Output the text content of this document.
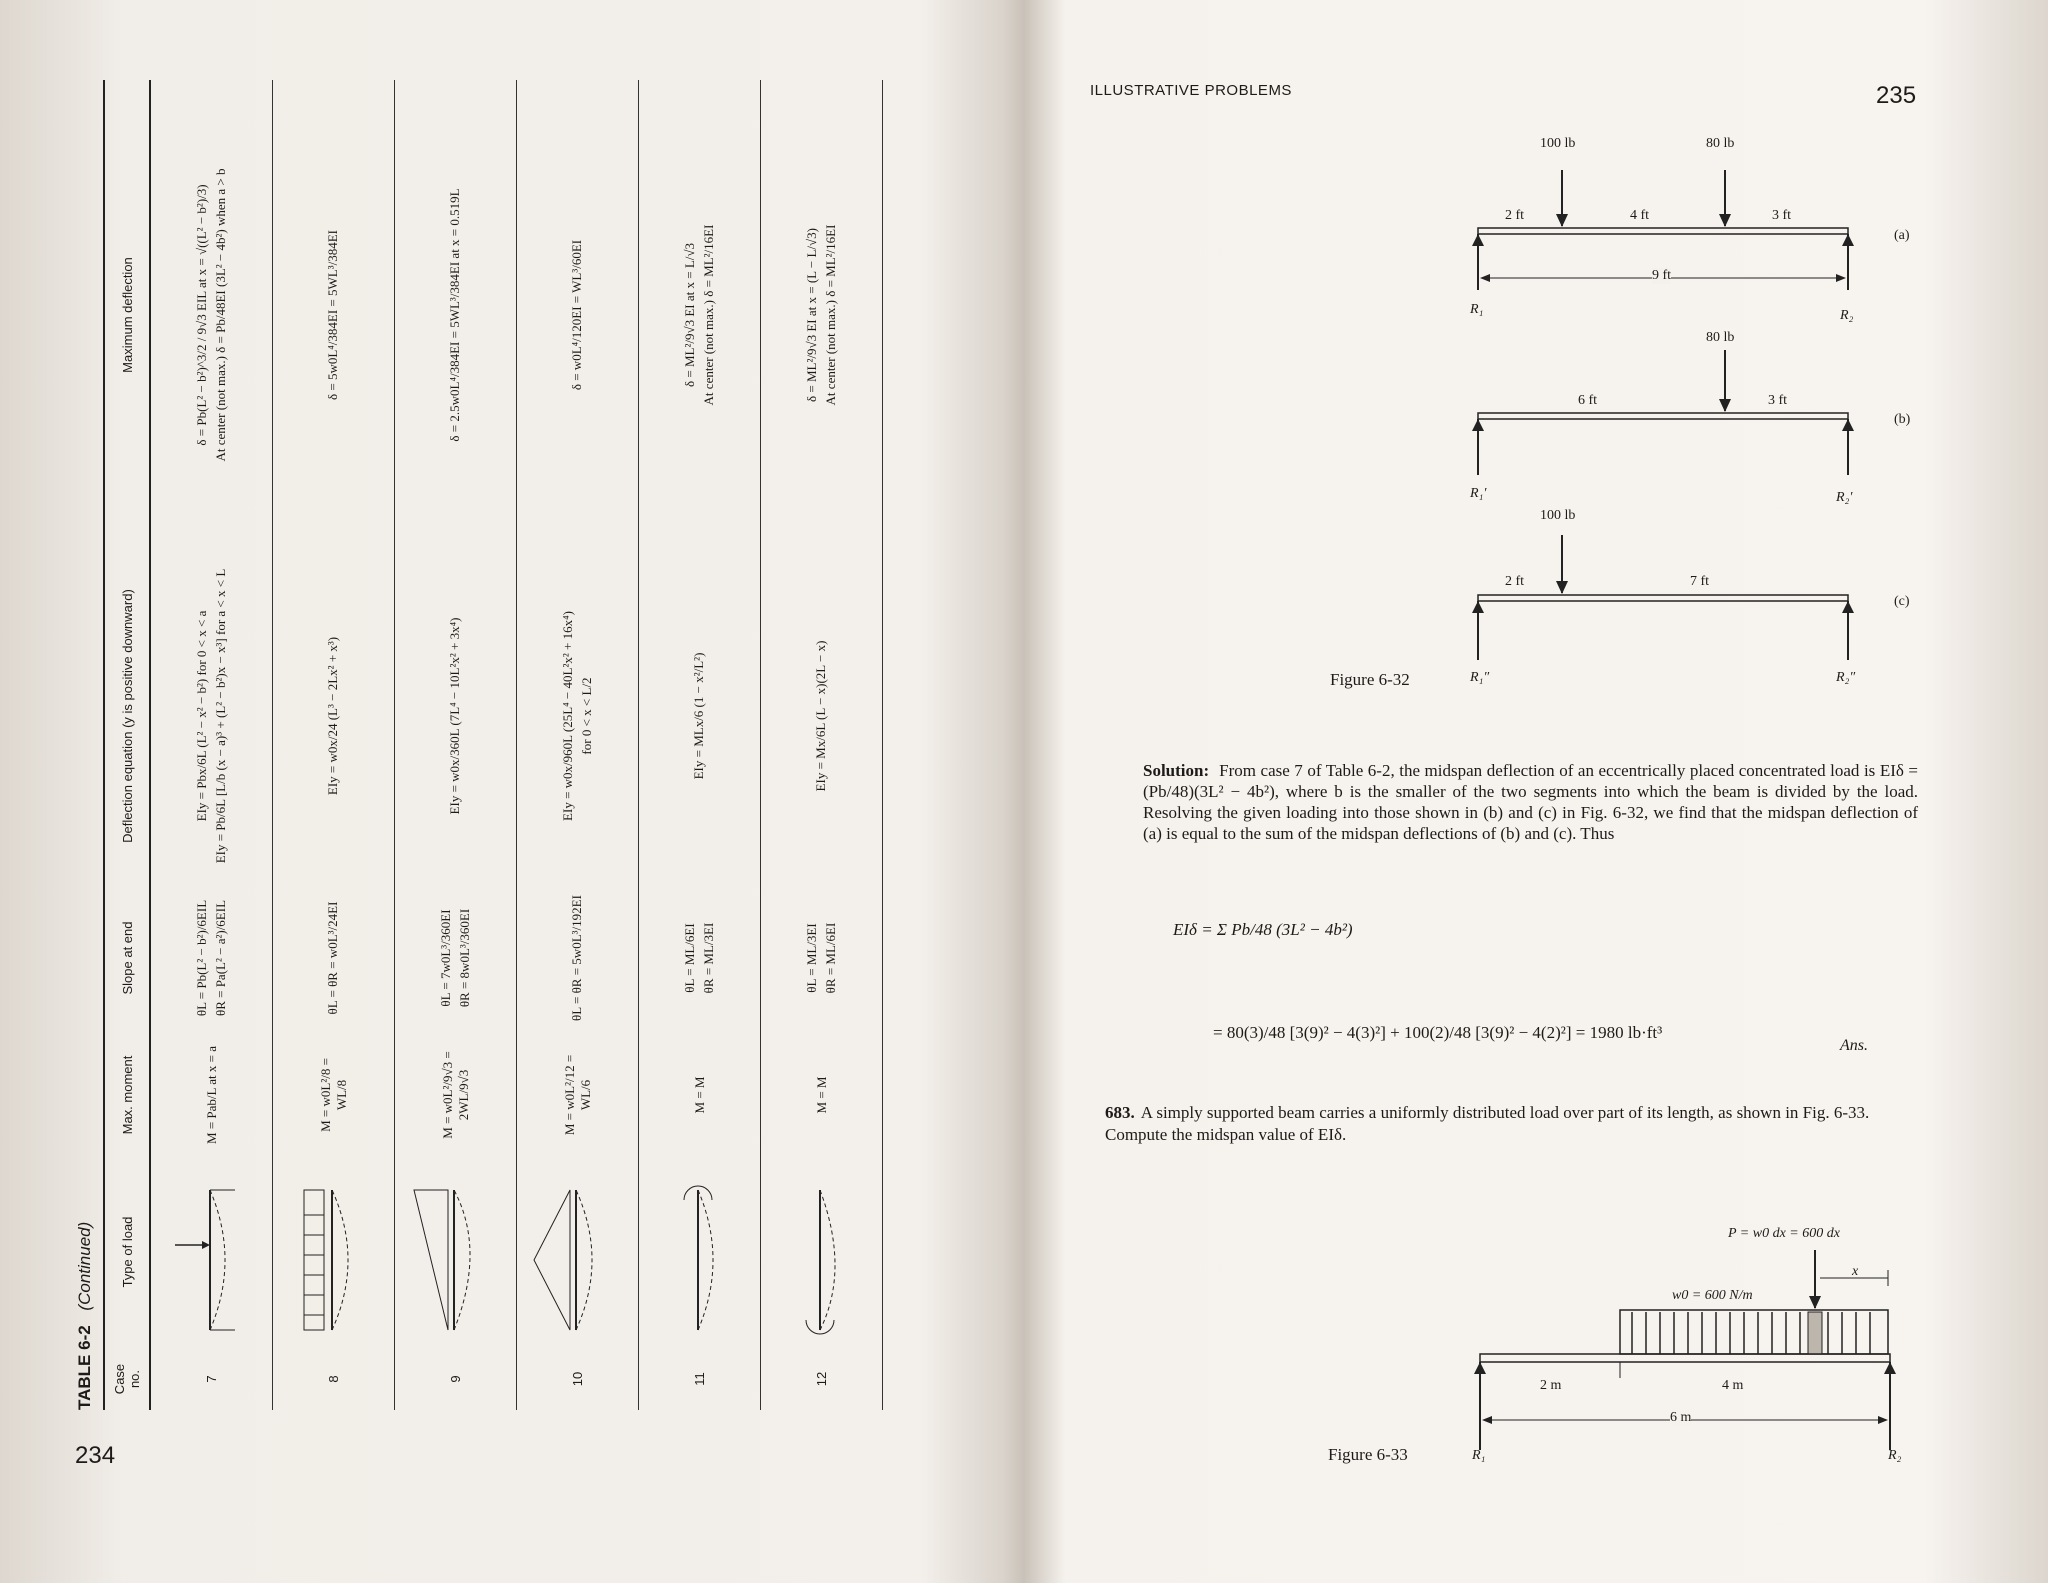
234
TABLE 6-2 (Continued)
Case no.	Type of load	Max. moment	Slope at end	Deflection equation (y is positive downward)	Maximum deflection
7		M = Pab/L at x = a	θL = Pb(L² − b²)/6EIL θR = Pa(L² − a²)/6EIL	EIy = Pbx/6L (L² − x² − b²) for 0 < x < a EIy = Pb/6L [L/b (x − a)³ + (L² − b²)x − x³] for a < x < L	δ = Pb(L² − b²)^3/2 / 9√3 EIL at x = √((L² − b²)/3) At center (not max.) δ = Pb/48EI (3L² − 4b²) when a > b

8		M = w0L²/8 = WL/8	θL = θR = w0L³/24EI	EIy = w0x/24 (L³ − 2Lx² + x³)	δ = 5w0L⁴/384EI = 5WL³/384EI

9		M = w0L²/9√3 = 2WL/9√3	θL = 7w0L³/360EI θR = 8w0L³/360EI	EIy = w0x/360L (7L⁴ − 10L²x² + 3x⁴)	δ = 2.5w0L⁴/384EI = 5WL³/384EI at x = 0.519L

10		M = w0L²/12 = WL/6	θL = θR = 5w0L³/192EI	EIy = w0x/960L (25L⁴ − 40L²x² + 16x⁴) for 0 < x < L/2	δ = w0L⁴/120EI = WL³/60EI

11		M = M	θL = ML/6EI θR = ML/3EI	EIy = MLx/6 (1 − x²/L²)	δ = ML²/9√3 EI at x = L/√3 At center (not max.) δ = ML²/16EI

12		M = M	θL = ML/3EI θR = ML/6EI	EIy = Mx/6L (L − x)(2L − x)	δ = ML²/9√3 EI at x = (L − L/√3) At center (not max.) δ = ML²/16EI
ILLUSTRATIVE PROBLEMS	235
100 lb	80 lb
2 ft	4 ft	3 ft
9 ft
(a)
R₁	R₂
80 lb
6 ft	3 ft
(b)
R₁′	R₂′
100 lb
2 ft	7 ft
(c)
R₁″	R₂″
Figure 6-32
Solution: From case 7 of Table 6-2, the midspan deflection of an eccentrically placed concentrated load is EIδ = (Pb/48)(3L² − 4b²), where b is the smaller of the two segments into which the beam is divided by the load. Resolving the given loading into those shown in (b) and (c) in Fig. 6-32, we find that the midspan deflection of (a) is equal to the sum of the midspan deflections of (b) and (c). Thus
EIδ = Σ Pb/48 (3L² − 4b²)
= 80(3)/48 [3(9)² − 4(3)²] + 100(2)/48 [3(9)² − 4(2)²] = 1980 lb·ft³
Ans.
683. A simply supported beam carries a uniformly distributed load over part of its length, as shown in Fig. 6-33. Compute the midspan value of EIδ.
P = w0 dx = 600 dx
x
w0 = 600 N/m
2 m	4 m
6 m
R₁	R₂
Figure 6-33
